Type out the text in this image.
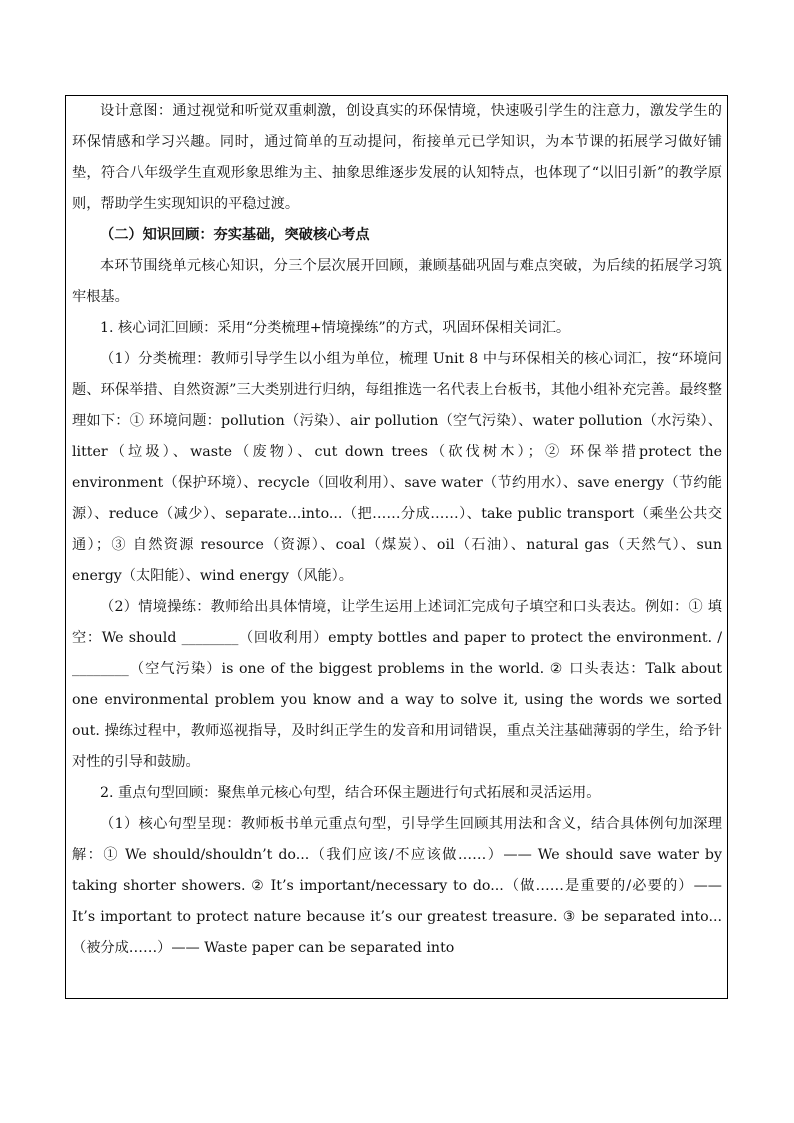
设计意图：通过视觉和听觉双重刺激，创设真实的环保情境，快速吸引学生的注意力，激发学生的环保情感和学习兴趣。同时，通过简单的互动提问，衔接单元已学知识，为本节课的拓展学习做好铺垫，符合八年级学生直观形象思维为主、抽象思维逐步发展的认知特点，也体现了“以旧引新”的教学原则，帮助学生实现知识的平稳过渡。

（二）知识回顾：夯实基础，突破核心考点

本环节围绕单元核心知识，分三个层次展开回顾，兼顾基础巩固与难点突破，为后续的拓展学习筑牢根基。

1. 核心词汇回顾：采用“分类梳理+情境操练”的方式，巩固环保相关词汇。

（1）分类梳理：教师引导学生以小组为单位，梳理 Unit 8 中与环保相关的核心词汇，按“环境问题、环保举措、自然资源”三大类别进行归纳，每组推选一名代表上台板书，其他小组补充完善。最终整理如下：① 环境问题：pollution（污染）、air pollution（空气污染）、water pollution（水污染）、litter（垃圾）、waste（废物）、cut down trees（砍伐树木）；② 环保举措protect the environment（保护环境）、recycle（回收利用）、save water（节约用水）、save energy（节约能源）、reduce（减少）、separate...into...（把……分成……）、take public transport（乘坐公共交通）；③ 自然资源 resource（资源）、coal（煤炭）、oil（石油）、natural gas（天然气）、sun energy（太阳能）、wind energy（风能）。

（2）情境操练：教师给出具体情境，让学生运用上述词汇完成句子填空和口头表达。例如：① 填空：We should ________（回收利用）empty bottles and paper to protect the environment. / ________（空气污染）is one of the biggest problems in the world. ② 口头表达：Talk about one environmental problem you know and a way to solve it, using the words we sorted out. 操练过程中，教师巡视指导，及时纠正学生的发音和用词错误，重点关注基础薄弱的学生，给予针对性的引导和鼓励。

2. 重点句型回顾：聚焦单元核心句型，结合环保主题进行句式拓展和灵活运用。

（1）核心句型呈现：教师板书单元重点句型，引导学生回顾其用法和含义，结合具体例句加深理解：① We should/shouldn’t do...（我们应该/不应该做……）—— We should save water by taking shorter showers. ② It’s important/necessary to do...（做……是重要的/必要的）—— It’s important to protect nature because it’s our greatest treasure. ③ be separated into...（被分成……）—— Waste paper can be separated into
